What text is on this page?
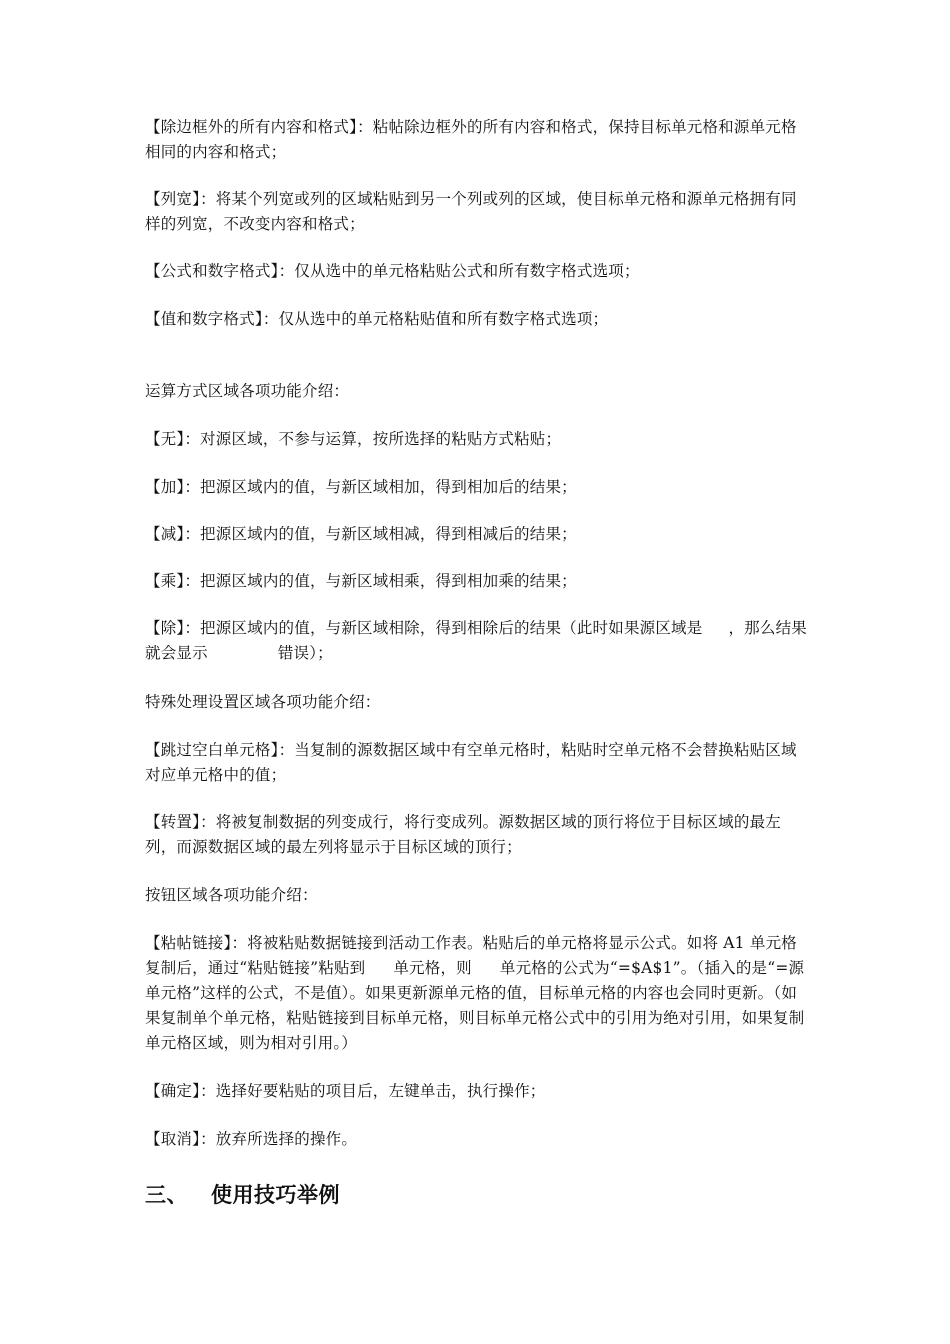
【除边框外的所有内容和格式】：粘帖除边框外的所有内容和格式，保持目标单元格和源单元格相同的内容和格式；

【列宽】：将某个列宽或列的区域粘贴到另一个列或列的区域，使目标单元格和源单元格拥有同样的列宽，不改变内容和格式；

【公式和数字格式】：仅从选中的单元格粘贴公式和所有数字格式选项；

【值和数字格式】：仅从选中的单元格粘贴值和所有数字格式选项；

运算方式区域各项功能介绍：

【无】：对源区域，不参与运算，按所选择的粘贴方式粘贴；

【加】：把源区域内的值，与新区域相加，得到相加后的结果；

【减】：把源区域内的值，与新区域相减，得到相减后的结果；

【乘】：把源区域内的值，与新区域相乘，得到相加乘的结果；

【除】：把源区域内的值，与新区域相除，得到相除后的结果（此时如果源区域是 ，那么结果就会显示	错误）；

特殊处理设置区域各项功能介绍：

【跳过空白单元格】：当复制的源数据区域中有空单元格时，粘贴时空单元格不会替换粘贴区域对应单元格中的值；

【转置】：将被复制数据的列变成行，将行变成列。源数据区域的顶行将位于目标区域的最左列，而源数据区域的最左列将显示于目标区域的顶行；

按钮区域各项功能介绍：

【粘帖链接】：将被粘贴数据链接到活动工作表。粘贴后的单元格将显示公式。如将 A1 单元格复制后，通过“粘贴链接”粘贴到 单元格，则 单元格的公式为“=$A$1”。（插入的是“=源单元格”这样的公式，不是值）。如果更新源单元格的值，目标单元格的内容也会同时更新。（如果复制单个单元格，粘贴链接到目标单元格，则目标单元格公式中的引用为绝对引用，如果复制单元格区域，则为相对引用。）

【确定】：选择好要粘贴的项目后，左键单击，执行操作；

【取消】：放弃所选择的操作。

三、 使用技巧举例
